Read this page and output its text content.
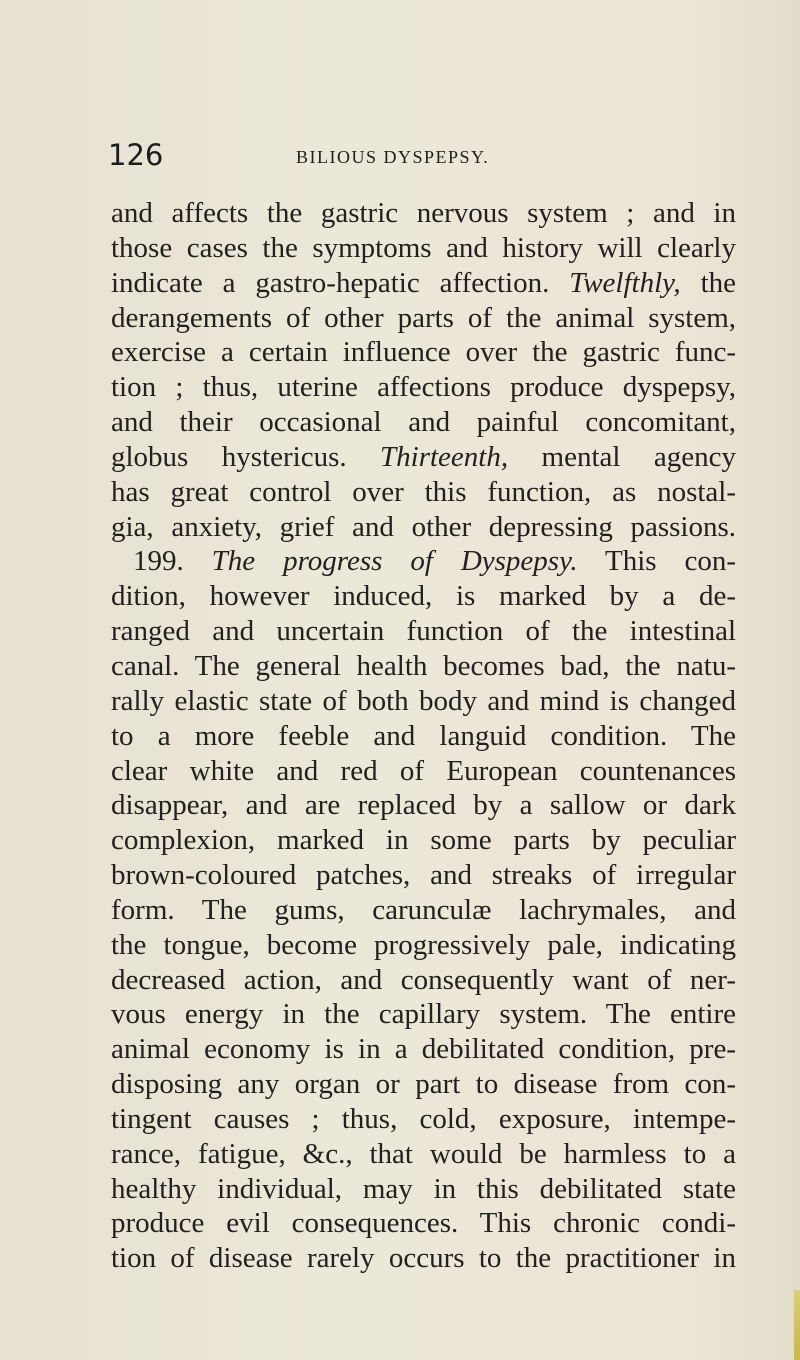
126	BILIOUS DYSPEPSY.
and affects the gastric nervous system ; and in
those cases the symptoms and history will clearly
indicate a gastro-hepatic affection. Twelfthly, the
derangements of other parts of the animal system,
exercise a certain influence over the gastric func-
tion ; thus, uterine affections produce dyspepsy,
and their occasional and painful concomitant,
globus hystericus. Thirteenth, mental agency
has great control over this function, as nostal-
gia, anxiety, grief and other depressing passions.
199. The progress of Dyspepsy. This con-
dition, however induced, is marked by a de-
ranged and uncertain function of the intestinal
canal. The general health becomes bad, the natu-
rally elastic state of both body and mind is changed
to a more feeble and languid condition. The
clear white and red of European countenances
disappear, and are replaced by a sallow or dark
complexion, marked in some parts by peculiar
brown-coloured patches, and streaks of irregular
form. The gums, carunculæ lachrymales, and
the tongue, become progressively pale, indicating
decreased action, and consequently want of ner-
vous energy in the capillary system. The entire
animal economy is in a debilitated condition, pre-
disposing any organ or part to disease from con-
tingent causes ; thus, cold, exposure, intempe-
rance, fatigue, &c., that would be harmless to a
healthy individual, may in this debilitated state
produce evil consequences. This chronic condi-
tion of disease rarely occurs to the practitioner in
